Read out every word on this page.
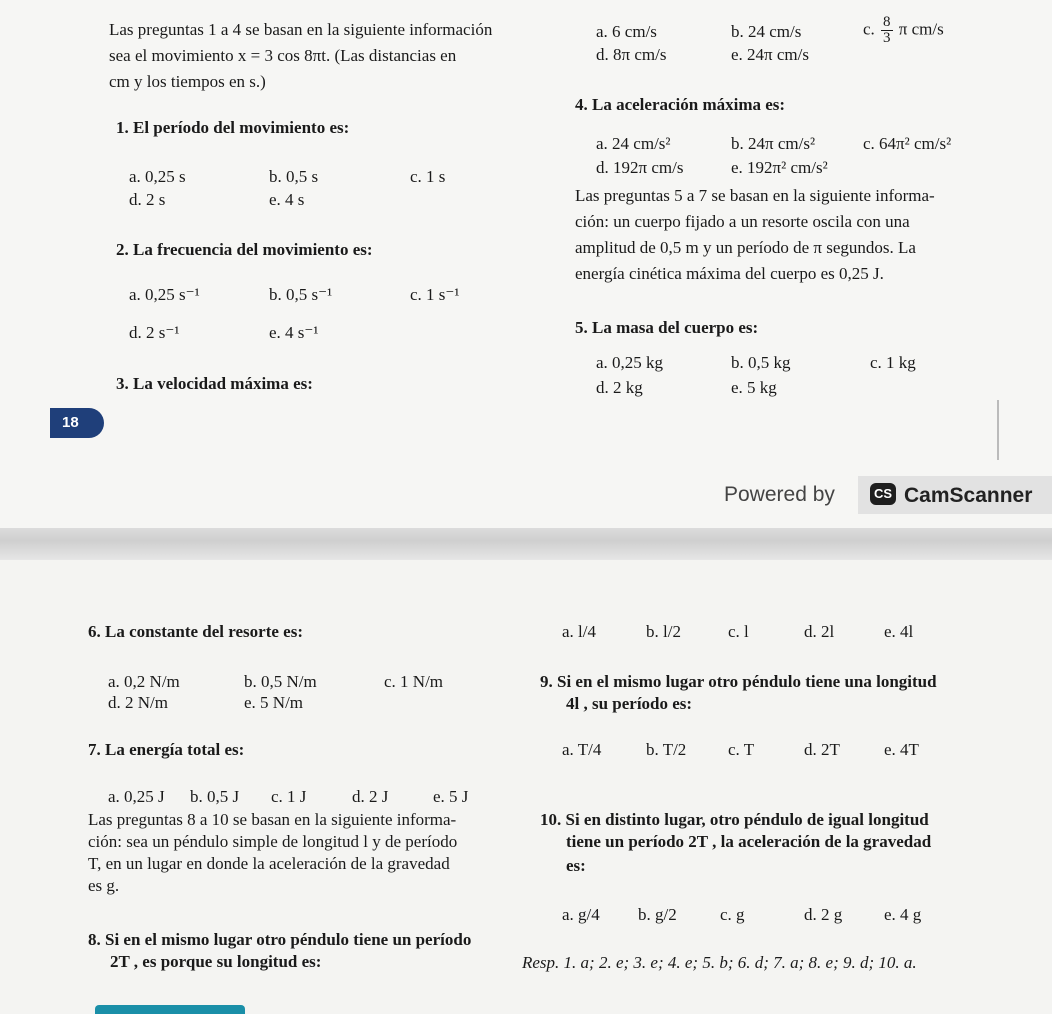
Las preguntas 1 a 4 se basan en la siguiente información
sea el movimiento x = 3 cos 8πt. (Las distancias en
cm y los tiempos en s.)
1. El período del movimiento es:
a. 0,25 s	b. 0,5 s	c. 1 s
d. 2 s	e. 4 s
2. La frecuencia del movimiento es:
a. 0,25 s⁻¹	b. 0,5 s⁻¹	c. 1 s⁻¹
d. 2 s⁻¹	e. 4 s⁻¹
3. La velocidad máxima es:
a. 6 cm/s	b. 24 cm/s	c. $\frac{8}{3}$ π cm/s
d. 8π cm/s	e. 24π cm/s
4. La aceleración máxima es:
a. 24 cm/s²	b. 24π cm/s²	c. 64π² cm/s²
d. 192π cm/s	e. 192π² cm/s²
Las preguntas 5 a 7 se basan en la siguiente informa-
ción: un cuerpo fijado a un resorte oscila con una
amplitud de 0,5 m y un período de π segundos. La
energía cinética máxima del cuerpo es 0,25 J.
5. La masa del cuerpo es:
a. 0,25 kg	b. 0,5 kg	c. 1 kg
d. 2 kg	e. 5 kg
18
Powered by	CS CamScanner
6. La constante del resorte es:
a. 0,2 N/m	b. 0,5 N/m	c. 1 N/m
d. 2 N/m	e. 5 N/m
7. La energía total es:
a. 0,25 J b. 0,5 J c. 1 J	d. 2 J	e. 5 J
Las preguntas 8 a 10 se basan en la siguiente informa-
ción: sea un péndulo simple de longitud l y de período
T, en un lugar en donde la aceleración de la gravedad
es g.
8. Si en el mismo lugar otro péndulo tiene un período
2T , es porque su longitud es:
a. l/4	b. l/2	c. l	d. 2l	e. 4l
9. Si en el mismo lugar otro péndulo tiene una longitud
4l , su período es:
a. T/4	b. T/2 c. T	d. 2T	e. 4T
10. Si en distinto lugar, otro péndulo de igual longitud
tiene un período 2T , la aceleración de la gravedad
es:
a. g/4 b. g/2	c. g	d. 2 g e. 4 g
Resp. 1. a; 2. e; 3. e; 4. e; 5. b; 6. d; 7. a; 8. e; 9. d; 10. a.
